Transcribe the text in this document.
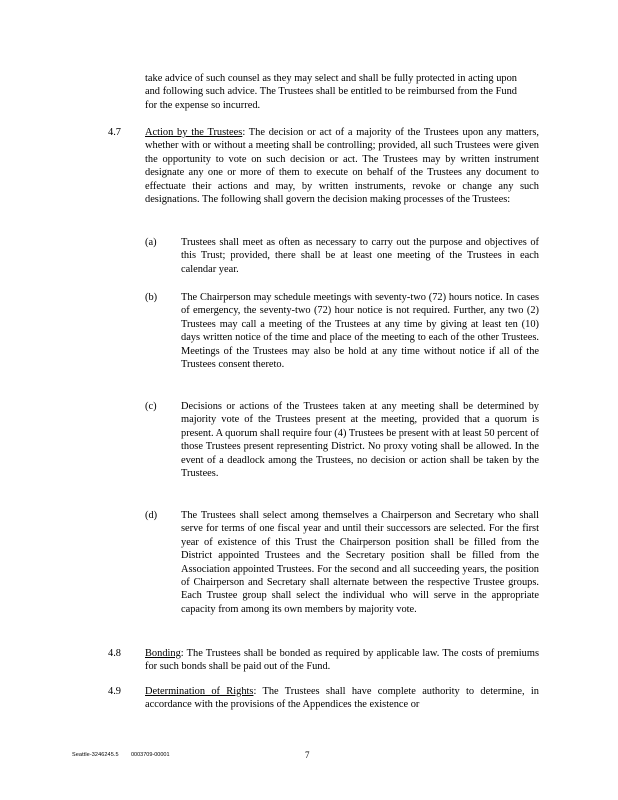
take advice of such counsel as they may select and shall be fully protected in acting upon and following such advice. The Trustees shall be entitled to be reimbursed from the Fund for the expense so incurred.
4.7 Action by the Trustees: The decision or act of a majority of the Trustees upon any matters, whether with or without a meeting shall be controlling; provided, all such Trustees were given the opportunity to vote on such decision or act. The Trustees may by written instrument designate any one or more of them to execute on behalf of the Trustees any document to effectuate their actions and may, by written instruments, revoke or change any such designations. The following shall govern the decision making processes of the Trustees:
(a) Trustees shall meet as often as necessary to carry out the purpose and objectives of this Trust; provided, there shall be at least one meeting of the Trustees in each calendar year.
(b) The Chairperson may schedule meetings with seventy-two (72) hours notice. In cases of emergency, the seventy-two (72) hour notice is not required. Further, any two (2) Trustees may call a meeting of the Trustees at any time by giving at least ten (10) days written notice of the time and place of the meeting to each of the other Trustees. Meetings of the Trustees may also be hold at any time without notice if all of the Trustees consent thereto.
(c) Decisions or actions of the Trustees taken at any meeting shall be determined by majority vote of the Trustees present at the meeting, provided that a quorum is present. A quorum shall require four (4) Trustees be present with at least 50 percent of those Trustees present representing District. No proxy voting shall be allowed. In the event of a deadlock among the Trustees, no decision or action shall be taken by the Trustees.
(d) The Trustees shall select among themselves a Chairperson and Secretary who shall serve for terms of one fiscal year and until their successors are selected. For the first year of existence of this Trust the Chairperson position shall be filled from the District appointed Trustees and the Secretary position shall be filled from the Association appointed Trustees. For the second and all succeeding years, the position of Chairperson and Secretary shall alternate between the respective Trustee groups. Each Trustee group shall select the individual who will serve in the appropriate capacity from among its own members by majority vote.
4.8 Bonding: The Trustees shall be bonded as required by applicable law. The costs of premiums for such bonds shall be paid out of the Fund.
4.9 Determination of Rights: The Trustees shall have complete authority to determine, in accordance with the provisions of the Appendices the existence or
Seattle-3246245.5 0003709-00001	7
